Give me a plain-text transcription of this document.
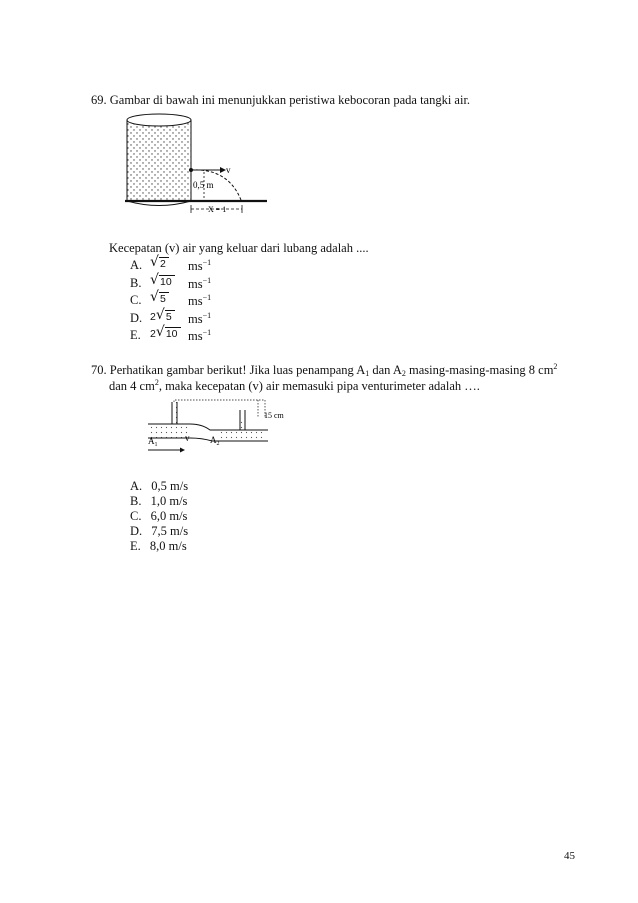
69. Gambar di bawah ini menunjukkan peristiwa kebocoran pada tangki air.
v
0,5 m
X = 1
Kecepatan (v) air yang keluar dari lubang adalah ....
A. √ 2 $ms^{-1}$
B. √ 10 $ms^{-1}$
C. √ 5 $ms^{-1}$
D. 2 √ 5 $ms^{-1}$
E. 2 √ 10 $ms^{-1}$
70. Perhatikan gambar berikut! Jika luas penampang $A_1$ dan $A_2$ masing-masing-masing 8 $cm^2$
dan 4 $cm^2$, maka kecepatan (v) air memasuki pipa venturimeter adalah ….
15 cm
$A_1$
v $A_2$
A. 0,5 m/s
B. 1,0 m/s
C. 6,0 m/s
D. 7,5 m/s
E. 8,0 m/s
45
